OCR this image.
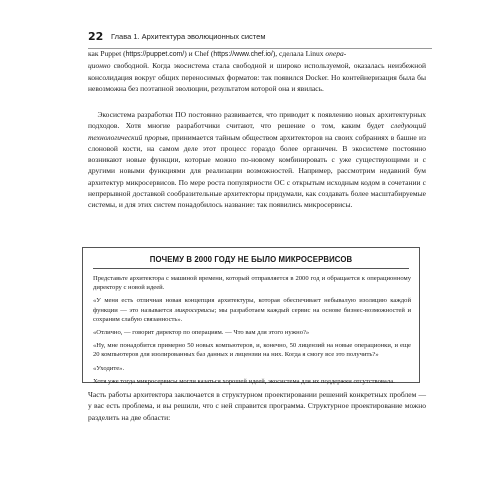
22 Глава 1. Архитектура эволюционных систем

как Puppet (https://puppet.com/) и Chef (https://www.chef.io/), сделала Linux опера-
ционно свободной. Когда экосистема стала свободной и широко используемой, оказалась неизбежной консолидация вокруг общих переносимых форматов: так появился Docker. Но контейнеризация была бы невозможна без поэтапной эволюции, результатом которой она и явилась.

Экосистема разработки ПО постоянно развивается, что приводит к появлению новых архитектурных подходов. Хотя многие разработчики считают, что решение о том, каким будет следующий технологический прорыв, принимается тайным обществом архитекторов на своих собраниях в башне из слоновой кости, на самом деле этот процесс гораздо более органичен. В экосистеме постоянно возникают новые функции, которые можно по-новому комбинировать с уже существующими и с другими новыми функциями для реализации возможностей. Например, рассмотрим недавний бум архитектур микросервисов. По мере роста популярности ОС с открытым исходным кодом в сочетании с непрерывной доставкой сообразительные архитекторы придумали, как создавать более масштабируемые системы, и для этих систем понадобилось название: так появились микросервисы.

ПОЧЕМУ В 2000 ГОДУ НЕ БЫЛО МИКРОСЕРВИСОВ

Представьте архитектора с машиной времени, который отправляется в 2000 год и обращается к операционному директору с новой идеей.

«У меня есть отличная новая концепция архитектуры, которая обеспечивает небывалую изоляцию каждой функции — это называется микросервисы; мы разработаем каждый сервис на основе бизнес-возможностей и сохраним слабую связанность».

«Отлично, — говорит директор по операциям. — Что вам для этого нужно?»

«Ну, мне понадобится примерно 50 новых компьютеров, и, конечно, 50 лицензий на новые операционки, и еще 20 компьютеров для изолированных баз данных и лицензии на них. Когда я смогу все это получить?»

«Уходите».

Хотя уже тогда микросервисы могли казаться хорошей идеей, экосистема для их поддержки отсутствовала.

Часть работы архитектора заключается в структурном проектировании решений конкретных проблем — у вас есть проблема, и вы решили, что с ней справится программа. Структурное проектирование можно разделить на две области:
